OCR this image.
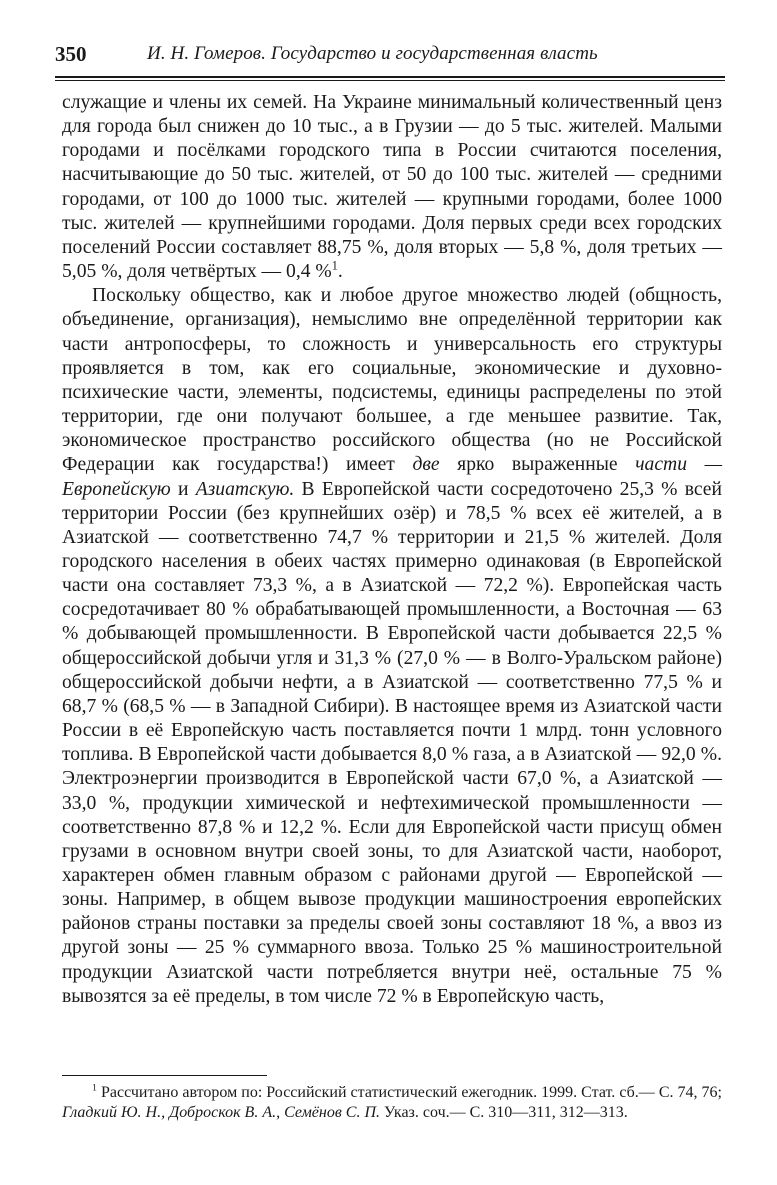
350	И. Н. Гомеров. Государство и государственная власть

служащие и члены их семей. На Украине минимальный количественный ценз для города был снижен до 10 тыс., а в Грузии — до 5 тыс. жителей. Малыми городами и посёлками городского типа в России считаются поселения, насчитывающие до 50 тыс. жителей, от 50 до 100 тыс. жителей — средними городами, от 100 до 1000 тыс. жителей — крупными городами, более 1000 тыс. жителей — крупнейшими городами. Доля первых среди всех городских поселений России составляет 88,75 %, доля вторых — 5,8 %, доля третьих — 5,05 %, доля четвёртых — 0,4 %$^1$.

Поскольку общество, как и любое другое множество людей (общность, объединение, организация), немыслимо вне определённой территории как части антропосферы, то сложность и универсальность его структуры проявляется в том, как его социальные, экономические и духовно-психические части, элементы, подсистемы, единицы распределены по этой территории, где они получают большее, а где меньшее развитие. Так, экономическое пространство российского общества (но не Российской Федерации как государства!) имеет две ярко выраженные части — Европейскую и Азиатскую. В Европейской части сосредоточено 25,3 % всей территории России (без крупнейших озёр) и 78,5 % всех её жителей, а в Азиатской — соответственно 74,7 % территории и 21,5 % жителей. Доля городского населения в обеих частях примерно одинаковая (в Европейской части она составляет 73,3 %, а в Азиатской — 72,2 %). Европейская часть сосредотачивает 80 % обрабатывающей промышленности, а Восточная — 63 % добывающей промышленности. В Европейской части добывается 22,5 % общероссийской добычи угля и 31,3 % (27,0 % — в Волго-Уральском районе) общероссийской добычи нефти, а в Азиатской — соответственно 77,5 % и 68,7 % (68,5 % — в Западной Сибири). В настоящее время из Азиатской части России в её Европейскую часть поставляется почти 1 млрд. тонн условного топлива. В Европейской части добывается 8,0 % газа, а в Азиатской — 92,0 %. Электроэнергии производится в Европейской части 67,0 %, а Азиатской — 33,0 %, продукции химической и нефтехимической промышленности — соответственно 87,8 % и 12,2 %. Если для Европейской части присущ обмен грузами в основном внутри своей зоны, то для Азиатской части, наоборот, характерен обмен главным образом с районами другой — Европейской — зоны. Например, в общем вывозе продукции машиностроения европейских районов страны поставки за пределы своей зоны составляют 18 %, а ввоз из другой зоны — 25 % суммарного ввоза. Только 25 % машиностроительной продукции Азиатской части потребляется внутри неё, остальные 75 % вывозятся за её пределы, в том числе 72 % в Европейскую часть,

$^1$ Рассчитано автором по: Российский статистический ежегодник. 1999. Стат. сб.— С. 74, 76; Гладкий Ю. Н., Доброскок В. А., Семёнов С. П. Указ. соч.— С. 310—311, 312—313.
